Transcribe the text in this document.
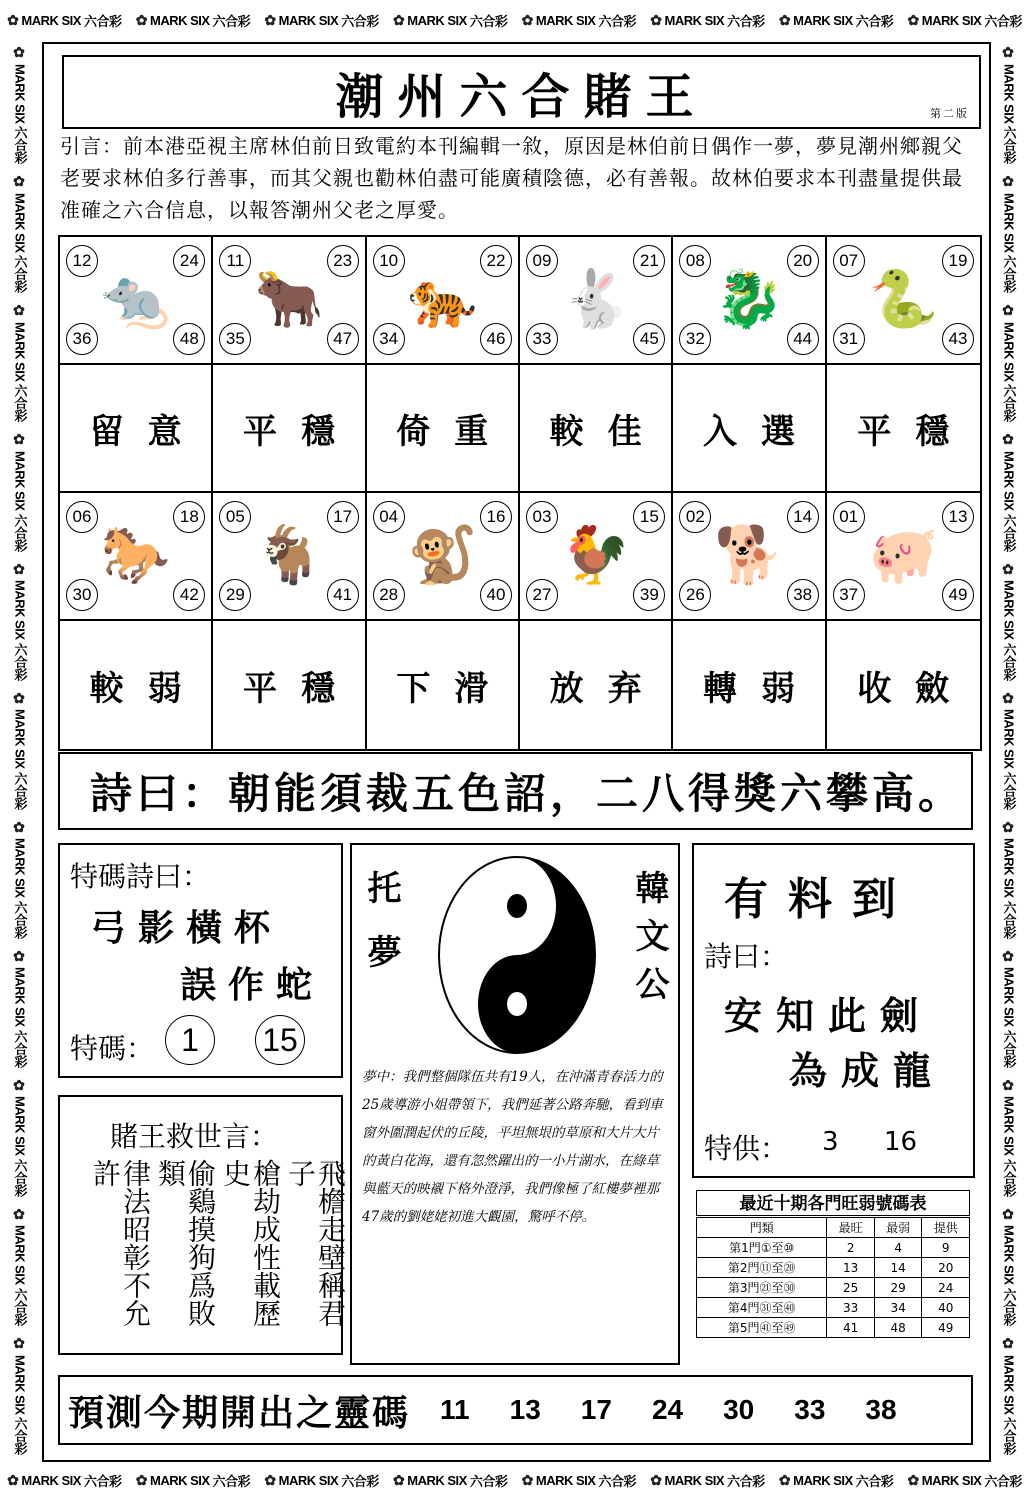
✿ MARK SIX 六合彩 ✿ MARK SIX 六合彩 ✿ MARK SIX 六合彩 ✿ MARK SIX 六合彩 ✿ MARK SIX 六合彩 ✿ MARK SIX 六合彩 ✿ MARK SIX 六合彩 ✿ MARK SIX 六合彩
✿ MARK SIX 六合彩 ✿ MARK SIX 六合彩 ✿ MARK SIX 六合彩 ✿ MARK SIX 六合彩 ✿ MARK SIX 六合彩 ✿ MARK SIX 六合彩 ✿ MARK SIX 六合彩 ✿ MARK SIX 六合彩
✿
MARK SIX
六合彩
✿
MARK SIX
六合彩
✿
MARK SIX
六合彩
✿
MARK SIX
六合彩
✿
MARK SIX
六合彩
✿
MARK SIX
六合彩
✿
MARK SIX
六合彩
✿
MARK SIX
六合彩
✿
MARK SIX
六合彩
✿
MARK SIX
六合彩
✿
MARK SIX
六合彩
✿
MARK SIX
六合彩
✿
MARK SIX
六合彩
✿
MARK SIX
六合彩
✿
MARK SIX
六合彩
✿
MARK SIX
六合彩
✿
MARK SIX
六合彩
✿
MARK SIX
六合彩
✿
MARK SIX
六合彩
✿
MARK SIX
六合彩
✿
MARK SIX
六合彩
✿
MARK SIX
六合彩
潮州六合賭王	第二版
引言：前本港亞視主席林伯前日致電約本刊編輯一敘，原因是林伯前日偶作一夢，夢見潮州鄉親父老要求林伯多行善事，而其父親也勸林伯盡可能廣積陰德，必有善報。故林伯要求本刊盡量提供最准確之六合信息，以報答潮州父老之厚愛。
12	24
36	48
🐀
11	23
35	47
🐂
10	22
34	46
🐅
09	21
33	45
🐇
08	20
32	44
🐉
07	19
31	43
🐍
留意	平穩	倚重	較佳	入選	平穩
06	18
30	42
🐎
05	17
29	41
🐐
04	16
28	40
🐒
03	15
27	39
🐓
02	14
26	38
🐕
01	13
37	49
🐖
較弱	平穩	下滑	放弃	轉弱	收斂
詩曰：朝能須裁五色詔，二八得獎六攀高。
特碼詩曰：
弓影橫杯
誤作蛇
特碼： 1	15
賭王救世言：
律法昭彰不允許	偷鷄摸狗爲敗類	槍劫成性載歷史	飛檐走壁稱君子
托夢	韓文公
夢中：我們整個隊伍共有19人，在沖滿青春活力的25歲導游小姐帶領下，我們延著公路奔馳，看到車窗外圍潤起伏的丘陵，平坦無垠的草原和大片大片的黃白花海，還有忽然躍出的一小片湖水，在綠草與藍天的映襯下格外澄淨，我們像極了紅樓夢裡那47歲的劉姥姥初進大觀園，驚呼不停。
有料到
詩曰：
安知此劍
為成龍
特供： 3 16
最近十期各門旺弱號碼表
門類	最旺	最弱	提供
第1門①至⑩	2	4	9
第2門⑪至⑳	13	14	20
第3門㉑至㉚	25	29	24
第4門㉛至㊵	33	34	40
第5門㊶至㊾	41	48	49
預測今期開出之靈碼 11 13 17 24 30 33 38
